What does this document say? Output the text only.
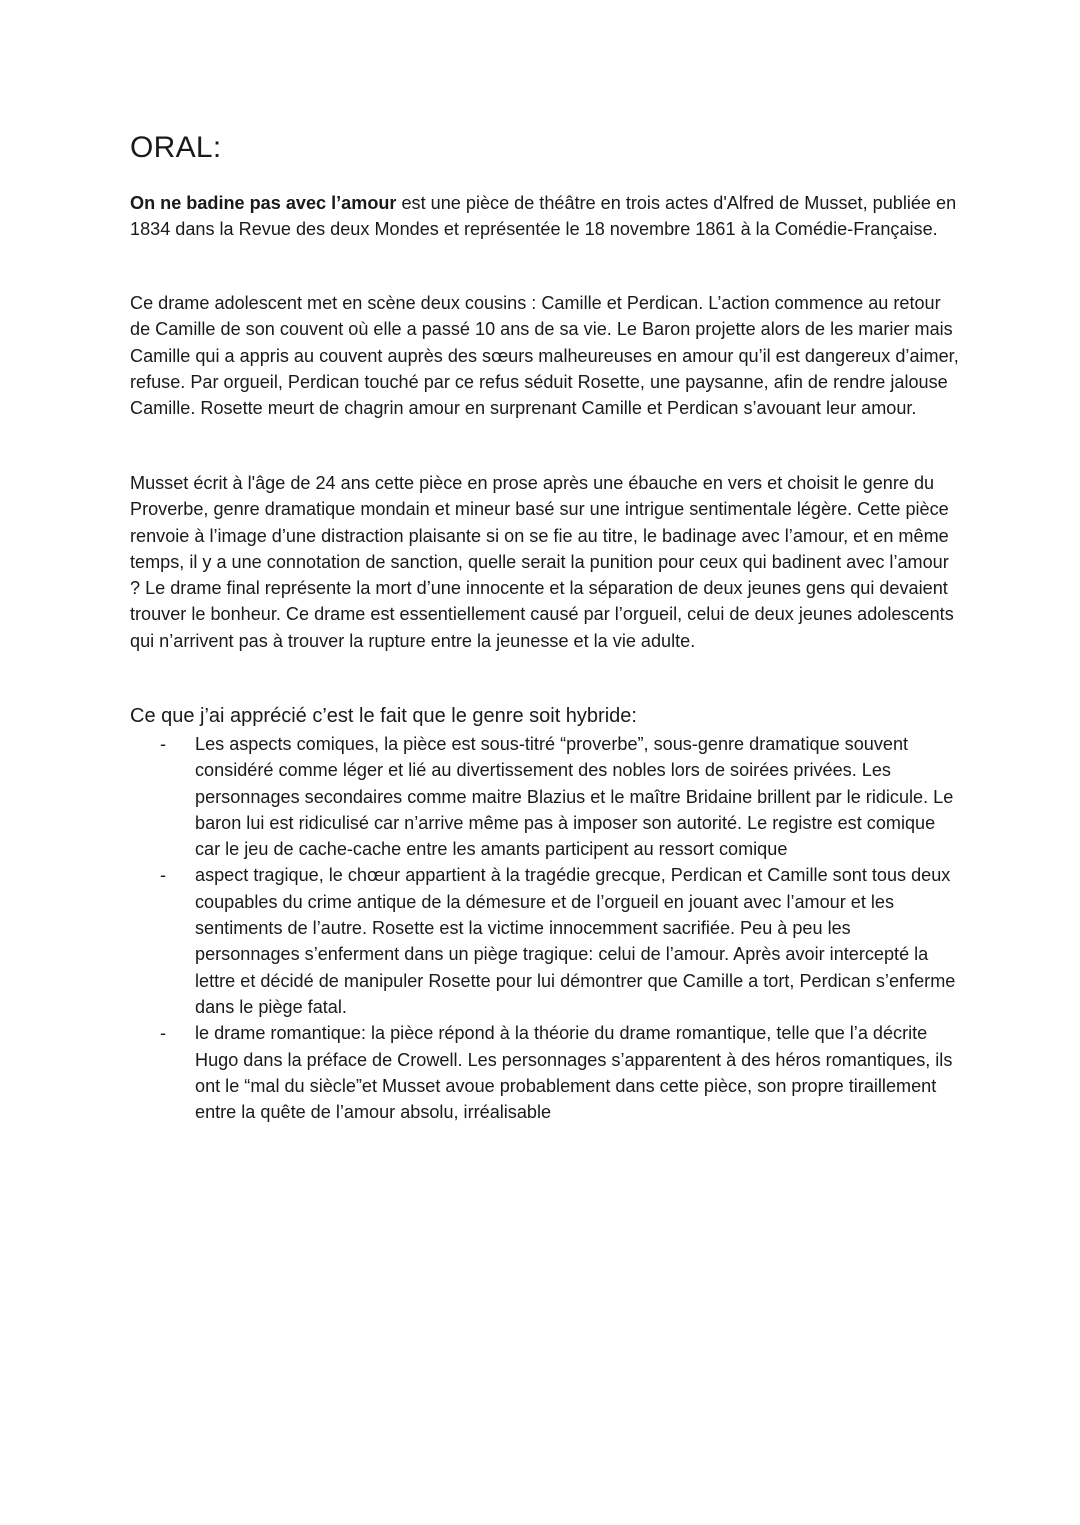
ORAL:

On ne badine pas avec l’amour est une pièce de théâtre en trois actes d'Alfred de Musset, publiée en 1834 dans la Revue des deux Mondes et représentée le 18 novembre 1861 à la Comédie-Française.

Ce drame adolescent met en scène deux cousins : Camille et Perdican. L’action commence au retour de Camille de son couvent où elle a passé 10 ans de sa vie. Le Baron projette alors de les marier mais Camille qui a appris au couvent auprès des sœurs malheureuses en amour qu’il est dangereux d’aimer, refuse. Par orgueil, Perdican touché par ce refus séduit Rosette, une paysanne, afin de rendre jalouse Camille. Rosette meurt de chagrin amour en surprenant Camille et Perdican s’avouant leur amour.

Musset écrit à l'âge de 24 ans cette pièce en prose après une ébauche en vers et choisit le genre du Proverbe, genre dramatique mondain et mineur basé sur une intrigue sentimentale légère. Cette pièce renvoie à l’image d’une distraction plaisante si on se fie au titre, le badinage avec l’amour, et en même temps, il y a une connotation de sanction, quelle serait la punition pour ceux qui badinent avec l’amour ? Le drame final représente la mort d’une innocente et la séparation de deux jeunes gens qui devaient trouver le bonheur. Ce drame est essentiellement causé par l’orgueil, celui de deux jeunes adolescents qui n’arrivent pas à trouver la rupture entre la jeunesse et la vie adulte.

Ce que j’ai apprécié c’est le fait que le genre soit hybride:

- Les aspects comiques, la pièce est sous-titré “proverbe”, sous-genre dramatique souvent considéré comme léger et lié au divertissement des nobles lors de soirées privées. Les personnages secondaires comme maitre Blazius et le maître Bridaine brillent par le ridicule. Le baron lui est ridiculisé car n’arrive même pas à imposer son autorité. Le registre est comique car le jeu de cache-cache entre les amants participent au ressort comique
- aspect tragique, le chœur appartient à la tragédie grecque, Perdican et Camille sont tous deux coupables du crime antique de la démesure et de l’orgueil en jouant avec l’amour et les sentiments de l’autre. Rosette est la victime innocemment sacrifiée. Peu à peu les personnages s’enferment dans un piège tragique: celui de l’amour. Après avoir intercepté la lettre et décidé de manipuler Rosette pour lui démontrer que Camille a tort, Perdican s’enferme dans le piège fatal.
- le drame romantique: la pièce répond à la théorie du drame romantique, telle que l’a décrite Hugo dans la préface de Crowell. Les personnages s’apparentent à des héros romantiques, ils ont le “mal du siècle”et Musset avoue probablement dans cette pièce, son propre tiraillement entre la quête de l’amour absolu, irréalisable
